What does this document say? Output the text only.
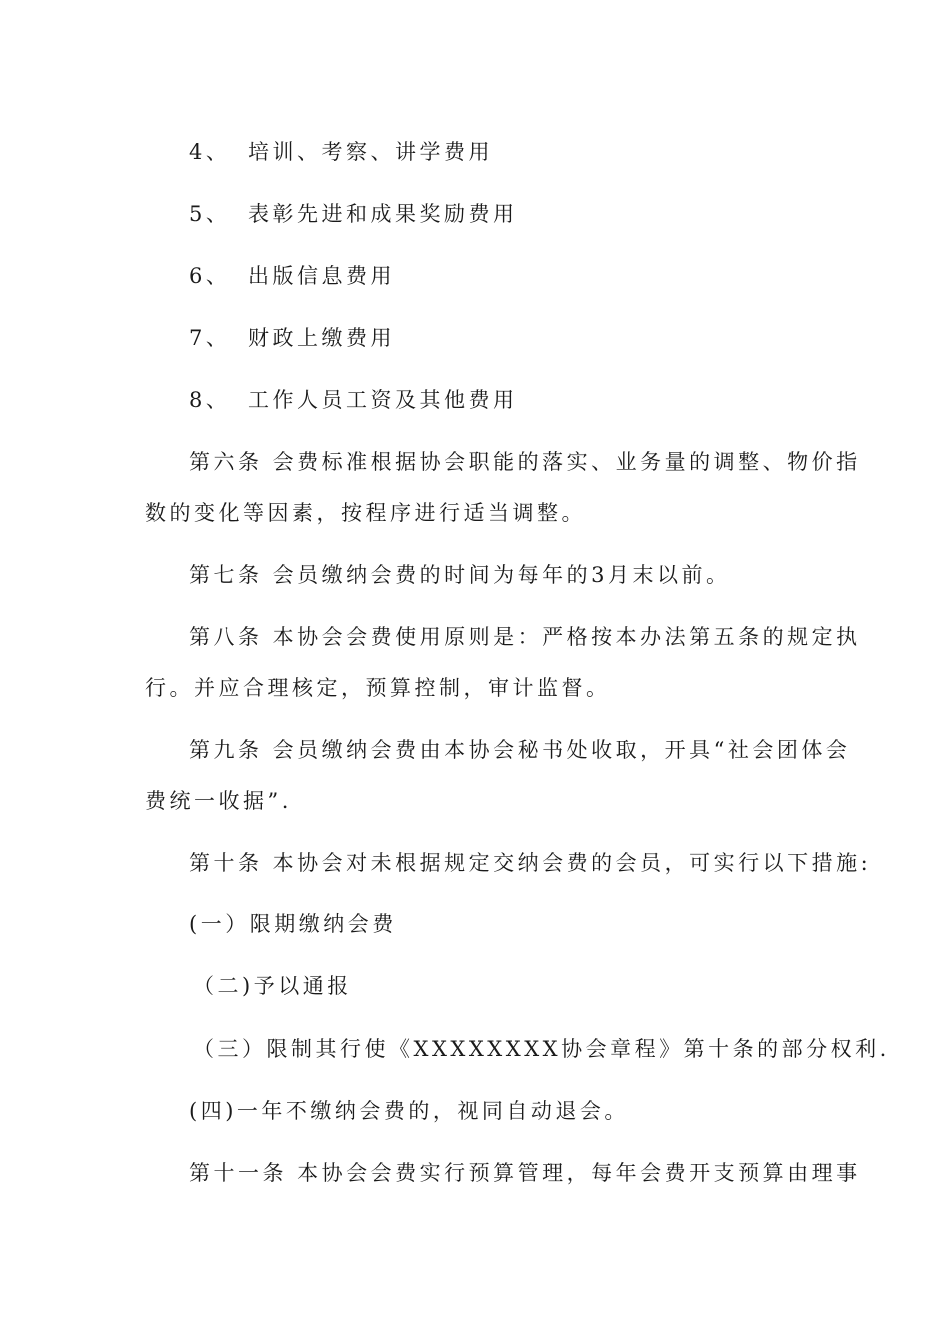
4、 培训、考察、讲学费用
5、 表彰先进和成果奖励费用
6、 出版信息费用
7、 财政上缴费用
8、 工作人员工资及其他费用
第六条 会费标准根据协会职能的落实、业务量的调整、物价指
数的变化等因素，按程序进行适当调整。
第七条 会员缴纳会费的时间为每年的3月末以前。
第八条 本协会会费使用原则是：严格按本办法第五条的规定执
行。并应合理核定，预算控制，审计监督。
第九条 会员缴纳会费由本协会秘书处收取，开具“社会团体会
费统一收据”.
第十条 本协会对未根据规定交纳会费的会员，可实行以下措施:
(一）限期缴纳会费
（二)予以通报
（三）限制其行使《XXXXXXXX协会章程》第十条的部分权利.
(四)一年不缴纳会费的，视同自动退会。
第十一条 本协会会费实行预算管理，每年会费开支预算由理事
